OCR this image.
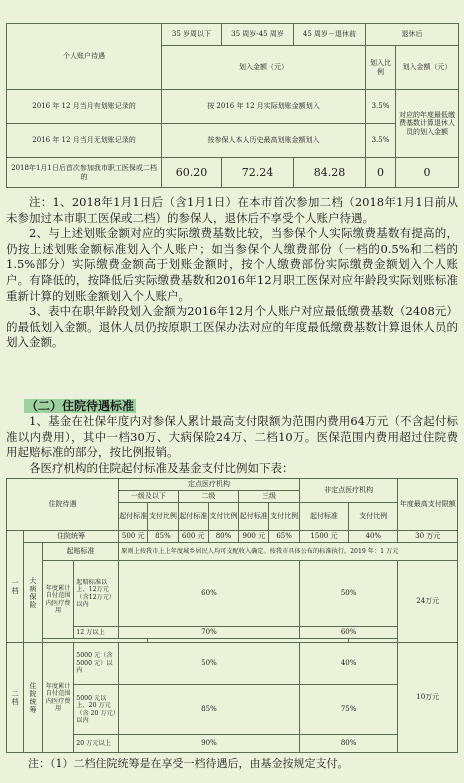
个人账户待遇	35 岁周以下	35 周岁-45 周岁	45 周岁－退休前	退休后	
	划入金额（元）			划入比例	划入金额（元）
2016 年 12 月当月有划账记录的	按 2016 年 12 月实际划账金额划入			3.5%	对应的年度最低缴费基数计算退休人员的划入金额
2016 年 12 月当月无划账记录的	按参保人本人历史最高划账金额划入			3.5%	
2018年1月1日后首次参加我市职工医保或二档的	60.20	72.24	84.28	0	0

注：1、2018年1月1日后（含1月1日）在本市首次参加二档（2018年1月1日前从未参加过本市职工医保或二档）的参保人，退休后不享受个人账户待遇。

2、与上述划账金额对应的实际缴费基数比较，当参保个人实际缴费基数有提高的，仍按上述划账金额标准划入个人账户；如当参保个人缴费部份（一档的0.5%和二档的1.5%部分）实际缴费金额高于划账金额时，按个人缴费部份实际缴费金额划入个人账户。有降低的，按降低后实际缴费基数和2016年12月职工医保对应年龄段实际划账标准重新计算的划账金额划入个人账户。

3、表中在职年龄段划入金额为2016年12月个人账户对应最低缴费基数（2408元）的最低划入金额。退休人员仍按原职工医保办法对应的年度最低缴费基数计算退休人员的划入金额。

（二）住院待遇标准

1、基金在社保年度内对参保人累计最高支付限额为范围内费用64万元（不含起付标准以内费用），其中一档30万、大病保险24万、二档10万。医保范围内费用超过住院费用起赔标准的部分，按比例报销。

各医疗机构的住院起付标准及基金支付比例如下表：

住院待遇				定点医疗机构						非定点医疗机构		年度最高支付限额
				一级及以下		二级		三级				
				起付标准	支付比例	起付标准	支付比例	起付标准	支付比例	起付标准	支付比例	
一档	住院统筹			500 元	85%	600 元	80%	900 元	65%	1500 元	40%	30 万元
	大病保险	起赔标准		原则上按我市上上年度城乡居民人均可支配收入确定。按我市具体公布的标准执行。2019 年：1 万元								
		年度累计自付范围内医疗费用	起赔标准以上、12万元（含12万元）以内	60%						50%		24万元
			12 万以上	70%						60%		

二档	住院统筹	年度累计自付范围内医疗费用	5000 元（含 5000 元）以内	50%						40%		10万元
			5000 元以上、20 万元（含 20 万元）以内	85%						75%		
			20 万元以上	90%						80%		
注：（1）二档住院统筹是在享受一档待遇后，由基金按规定支付。
